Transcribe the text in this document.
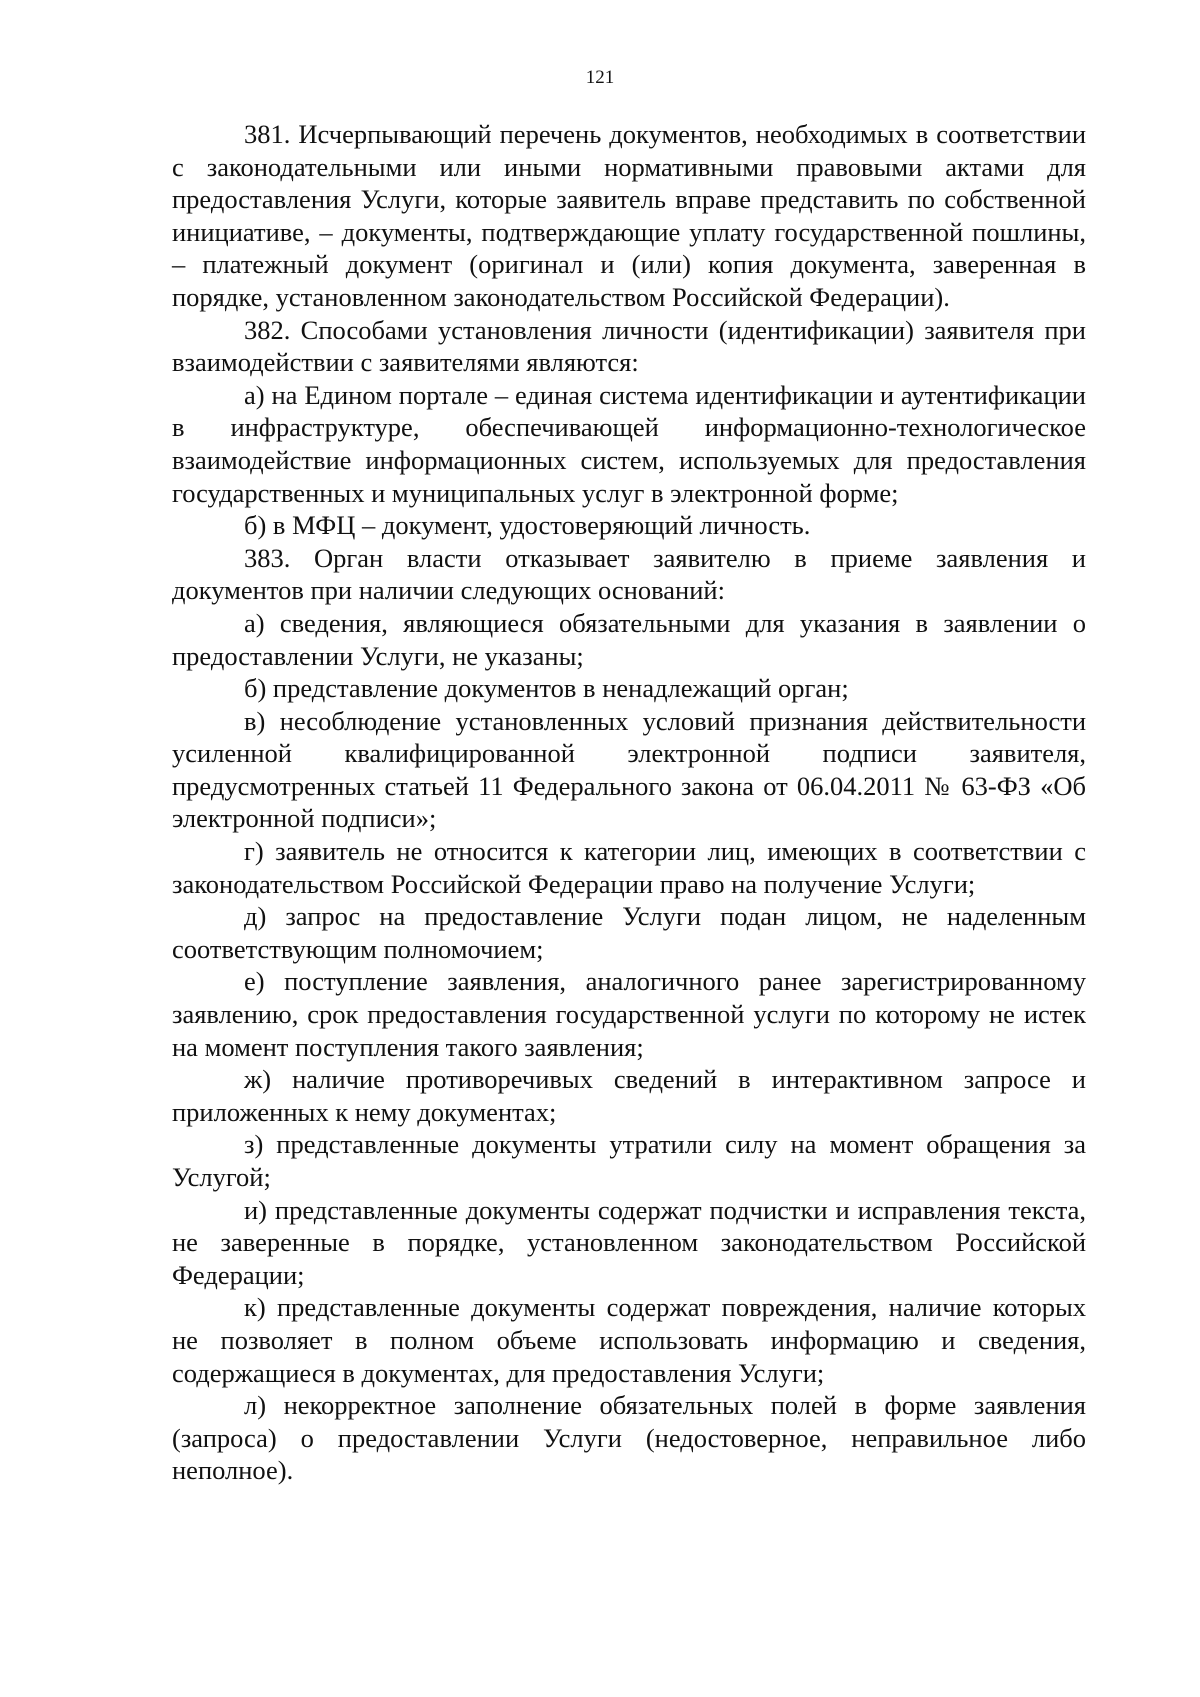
121

381. Исчерпывающий перечень документов, необходимых в соответствии с законодательными или иными нормативными правовыми актами для предоставления Услуги, которые заявитель вправе представить по собственной инициативе, – документы, подтверждающие уплату государственной пошлины, – платежный документ (оригинал и (или) копия документа, заверенная в порядке, установленном законодательством Российской Федерации).

382. Способами установления личности (идентификации) заявителя при взаимодействии с заявителями являются:

а) на Едином портале – единая система идентификации и аутентификации в инфраструктуре, обеспечивающей информационно-технологическое взаимодействие информационных систем, используемых для предоставления государственных и муниципальных услуг в электронной форме;

б) в МФЦ – документ, удостоверяющий личность.

383. Орган власти отказывает заявителю в приеме заявления и документов при наличии следующих оснований:

а) сведения, являющиеся обязательными для указания в заявлении о предоставлении Услуги, не указаны;

б) представление документов в ненадлежащий орган;

в) несоблюдение установленных условий признания действительности усиленной квалифицированной электронной подписи заявителя, предусмотренных статьей 11 Федерального закона от 06.04.2011 № 63-ФЗ «Об электронной подписи»;

г) заявитель не относится к категории лиц, имеющих в соответствии с законодательством Российской Федерации право на получение Услуги;

д) запрос на предоставление Услуги подан лицом, не наделенным соответствующим полномочием;

е) поступление заявления, аналогичного ранее зарегистрированному заявлению, срок предоставления государственной услуги по которому не истек на момент поступления такого заявления;

ж) наличие противоречивых сведений в интерактивном запросе и приложенных к нему документах;

з) представленные документы утратили силу на момент обращения за Услугой;

и) представленные документы содержат подчистки и исправления текста, не заверенные в порядке, установленном законодательством Российской Федерации;

к) представленные документы содержат повреждения, наличие которых не позволяет в полном объеме использовать информацию и сведения, содержащиеся в документах, для предоставления Услуги;

л) некорректное заполнение обязательных полей в форме заявления (запроса) о предоставлении Услуги (недостоверное, неправильное либо неполное).
